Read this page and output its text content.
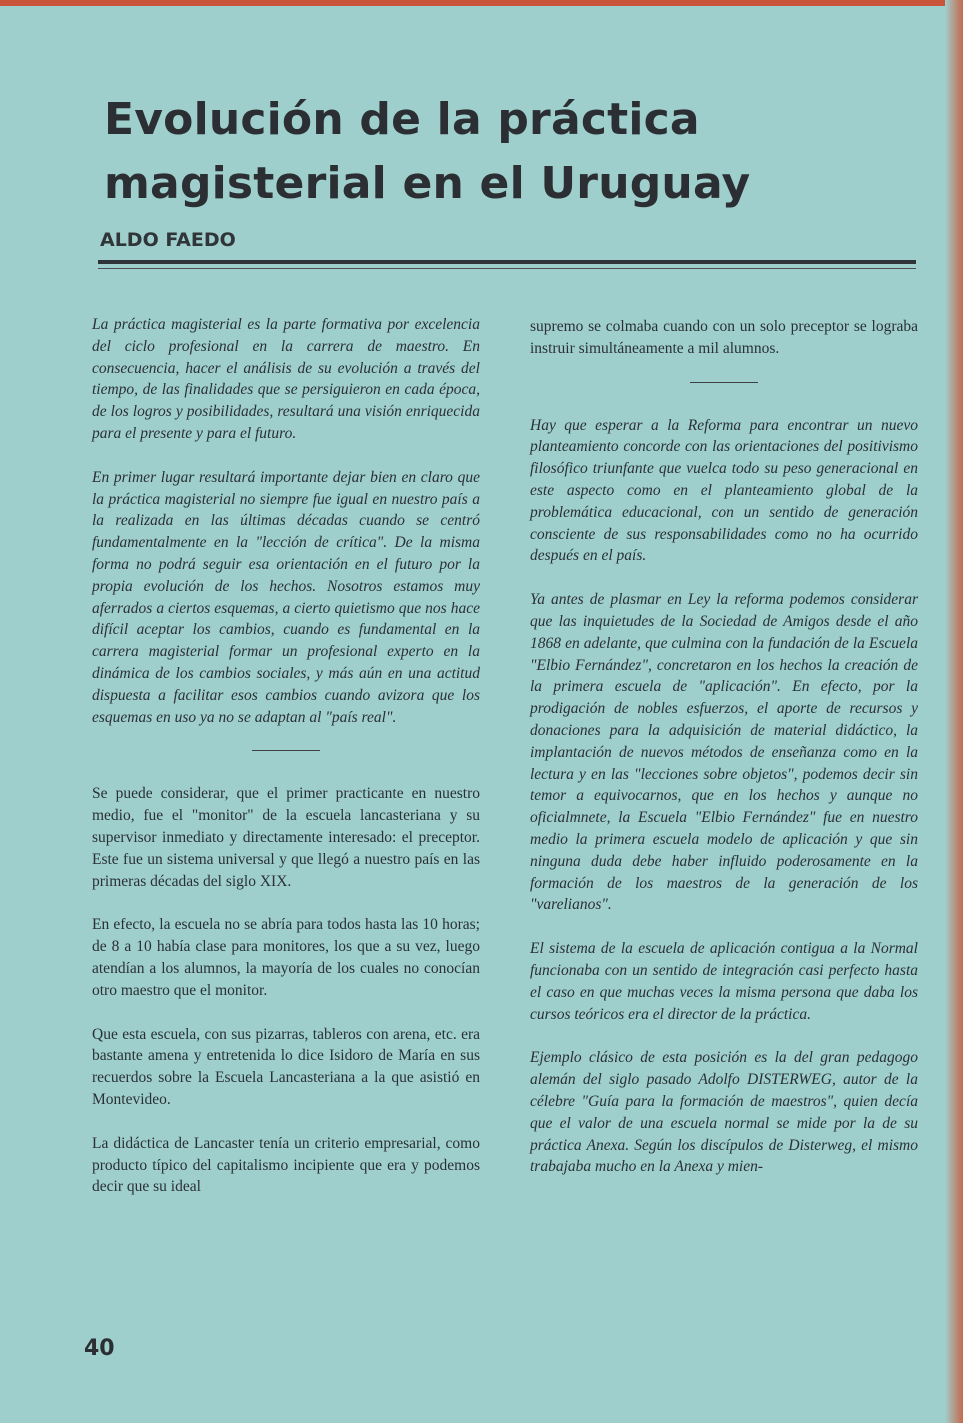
Evolución de la práctica magisterial en el Uruguay

ALDO FAEDO

La práctica magisterial es la parte formativa por excelencia del ciclo profesional en la carrera de maestro. En consecuencia, hacer el análisis de su evolución a través del tiempo, de las finalidades que se persiguieron en cada época, de los logros y posibilidades, resultará una visión enriquecida para el presente y para el futuro.

En primer lugar resultará importante dejar bien en claro que la práctica magisterial no siempre fue igual en nuestro país a la realizada en las últimas décadas cuando se centró fundamentalmente en la "lección de crítica". De la misma forma no podrá seguir esa orientación en el futuro por la propia evolución de los hechos. Nosotros estamos muy aferrados a ciertos esquemas, a cierto quietismo que nos hace difícil aceptar los cambios, cuando es fundamental en la carrera magisterial formar un profesional experto en la dinámica de los cambios sociales, y más aún en una actitud dispuesta a facilitar esos cambios cuando avizora que los esquemas en uso ya no se adaptan al "país real".

Se puede considerar, que el primer practicante en nuestro medio, fue el "monitor" de la escuela lancasteriana y su supervisor inmediato y directamente interesado: el preceptor. Este fue un sistema universal y que llegó a nuestro país en las primeras décadas del siglo XIX.

En efecto, la escuela no se abría para todos hasta las 10 horas; de 8 a 10 había clase para monitores, los que a su vez, luego atendían a los alumnos, la mayoría de los cuales no conocían otro maestro que el monitor.

Que esta escuela, con sus pizarras, tableros con arena, etc. era bastante amena y entretenida lo dice Isidoro de María en sus recuerdos sobre la Escuela Lancasteriana a la que asistió en Montevideo.

La didáctica de Lancaster tenía un criterio empresarial, como producto típico del capitalismo incipiente que era y podemos decir que su ideal

supremo se colmaba cuando con un solo preceptor se lograba instruir simultáneamente a mil alumnos.

Hay que esperar a la Reforma para encontrar un nuevo planteamiento concorde con las orientaciones del positivismo filosófico triunfante que vuelca todo su peso generacional en este aspecto como en el planteamiento global de la problemática educacional, con un sentido de generación consciente de sus responsabilidades como no ha ocurrido después en el país.

Ya antes de plasmar en Ley la reforma podemos considerar que las inquietudes de la Sociedad de Amigos desde el año 1868 en adelante, que culmina con la fundación de la Escuela "Elbio Fernández", concretaron en los hechos la creación de la primera escuela de "aplicación". En efecto, por la prodigación de nobles esfuerzos, el aporte de recursos y donaciones para la adquisición de material didáctico, la implantación de nuevos métodos de enseñanza como en la lectura y en las "lecciones sobre objetos", podemos decir sin temor a equivocarnos, que en los hechos y aunque no oficialmnete, la Escuela "Elbio Fernández" fue en nuestro medio la primera escuela modelo de aplicación y que sin ninguna duda debe haber influido poderosamente en la formación de los maestros de la generación de los "varelianos".

El sistema de la escuela de aplicación contigua a la Normal funcionaba con un sentido de integración casi perfecto hasta el caso en que muchas veces la misma persona que daba los cursos teóricos era el director de la práctica.

Ejemplo clásico de esta posición es la del gran pedagogo alemán del siglo pasado Adolfo DISTERWEG, autor de la célebre "Guía para la formación de maestros", quien decía que el valor de una escuela normal se mide por la de su práctica Anexa. Según los discípulos de Disterweg, el mismo trabajaba mucho en la Anexa y mien-

40
